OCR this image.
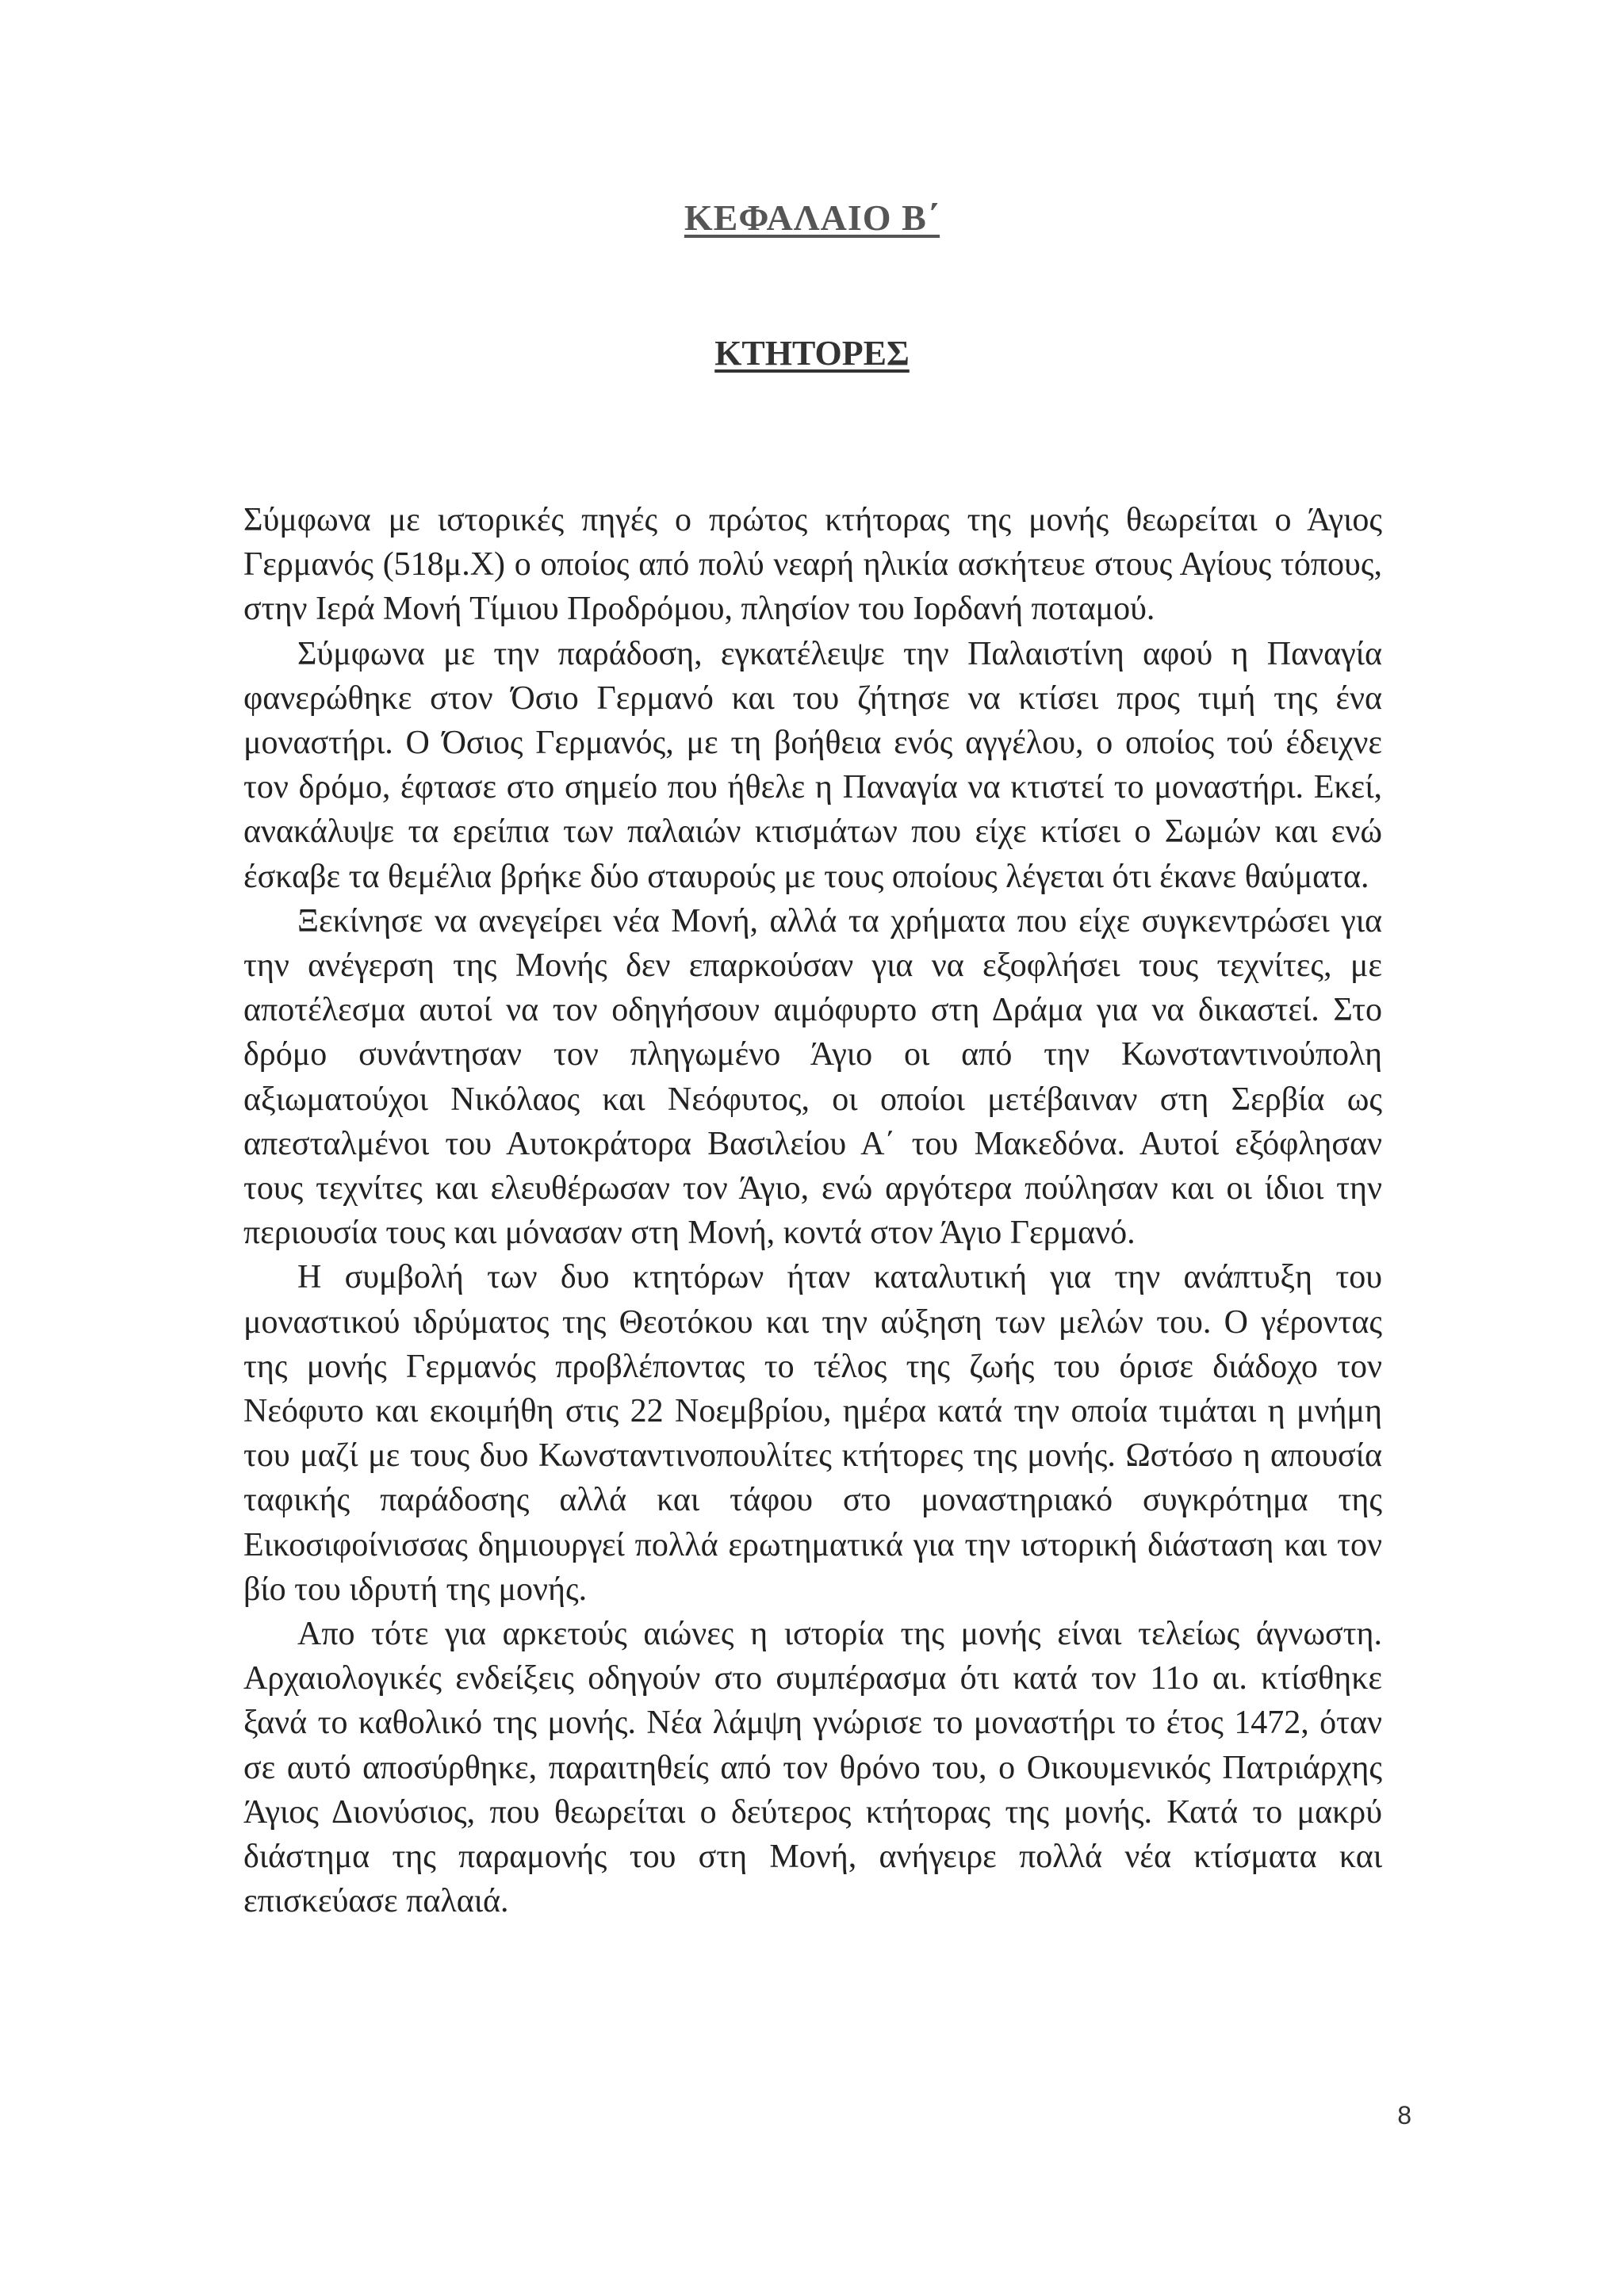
ΚΕΦΑΛΑΙΟ Β΄
ΚΤΗΤΟΡΕΣ

Σύμφωνα με ιστορικές πηγές ο πρώτος κτήτορας της μονής θεωρείται ο Άγιος Γερμανός (518μ.Χ) ο οποίος από πολύ νεαρή ηλικία ασκήτευε στους Αγίους τόπους, στην Ιερά Μονή Τίμιου Προδρόμου, πλησίον του Ιορδανή ποταμού.

Σύμφωνα με την παράδοση, εγκατέλειψε την Παλαιστίνη αφού η Παναγία φανερώθηκε στον Όσιο Γερμανό και του ζήτησε να κτίσει προς τιμή της ένα μοναστήρι. Ο Όσιος Γερμανός, με τη βοήθεια ενός αγγέλου, ο οποίος τού έδειχνε τον δρόμο, έφτασε στο σημείο που ήθελε η Παναγία να κτιστεί το μοναστήρι. Εκεί, ανακάλυψε τα ερείπια των παλαιών κτισμάτων που είχε κτίσει ο Σωμών και ενώ έσκαβε τα θεμέλια βρήκε δύο σταυρούς με τους οποίους λέγεται ότι έκανε θαύματα.

Ξεκίνησε να ανεγείρει νέα Μονή, αλλά τα χρήματα που είχε συγκεντρώσει για την ανέγερση της Μονής δεν επαρκούσαν για να εξοφλήσει τους τεχνίτες, με αποτέλεσμα αυτοί να τον οδηγήσουν αιμόφυρτο στη Δράμα για να δικαστεί. Στο δρόμο συνάντησαν τον πληγωμένο Άγιο οι από την Κωνσταντινούπολη αξιωματούχοι Νικόλαος και Νεόφυτος, οι οποίοι μετέβαιναν στη Σερβία ως απεσταλμένοι του Αυτοκράτορα Βασιλείου Α΄ του Μακεδόνα. Αυτοί εξόφλησαν τους τεχνίτες και ελευθέρωσαν τον Άγιο, ενώ αργότερα πούλησαν και οι ίδιοι την περιουσία τους και μόνασαν στη Μονή, κοντά στον Άγιο Γερμανό.

Η συμβολή των δυο κτητόρων ήταν καταλυτική για την ανάπτυξη του μοναστικού ιδρύματος της Θεοτόκου και την αύξηση των μελών του. Ο γέροντας της μονής Γερμανός προβλέποντας το τέλος της ζωής του όρισε διάδοχο τον Νεόφυτο και εκοιμήθη στις 22 Νοεμβρίου, ημέρα κατά την οποία τιμάται η μνήμη του μαζί με τους δυο Κωνσταντινοπουλίτες κτήτορες της μονής. Ωστόσο η απουσία ταφικής παράδοσης αλλά και τάφου στο μοναστηριακό συγκρότημα της Εικοσιφοίνισσας δημιουργεί πολλά ερωτηματικά για την ιστορική διάσταση και τον βίο του ιδρυτή της μονής.

Απο τότε για αρκετούς αιώνες η ιστορία της μονής είναι τελείως άγνωστη. Αρχαιολογικές ενδείξεις οδηγούν στο συμπέρασμα ότι κατά τον 11ο αι. κτίσθηκε ξανά το καθολικό της μονής. Νέα λάμψη γνώρισε το μοναστήρι το έτος 1472, όταν σε αυτό αποσύρθηκε, παραιτηθείς από τον θρόνο του, ο Οικουμενικός Πατριάρχης Άγιος Διονύσιος, που θεωρείται ο δεύτερος κτήτορας της μονής. Κατά το μακρύ διάστημα της παραμονής του στη Μονή, ανήγειρε πολλά νέα κτίσματα και επισκεύασε παλαιά.

8
